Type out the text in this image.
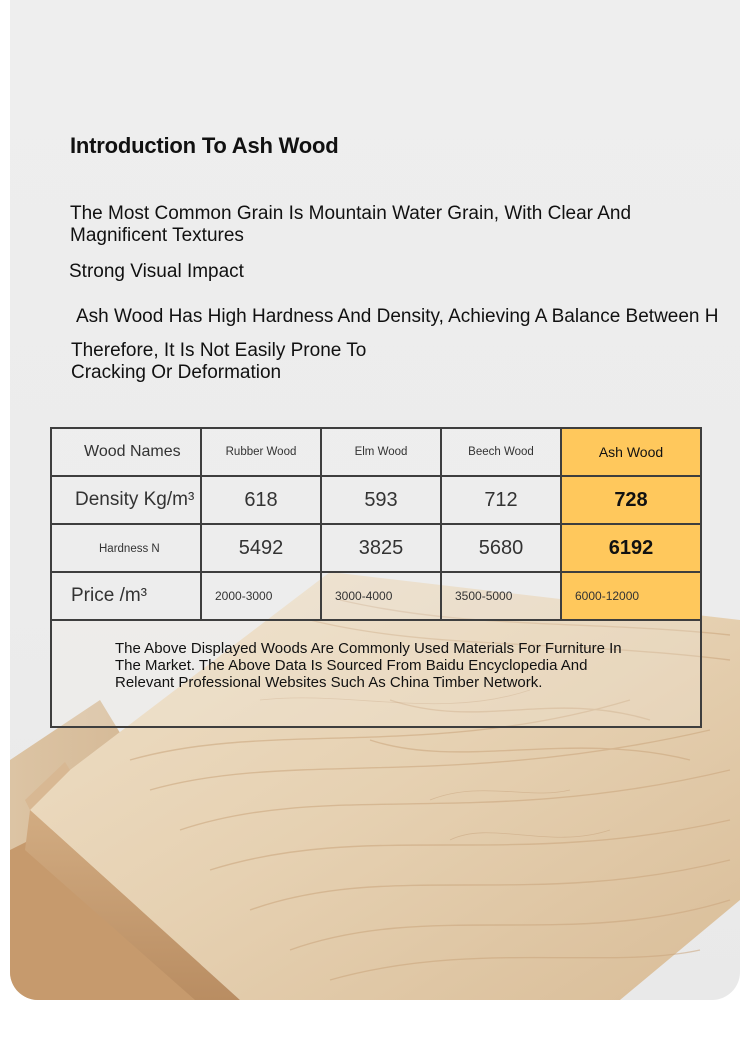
Introduction To Ash Wood

The Most Common Grain Is Mountain Water Grain, With Clear And Magnificent Textures

Strong Visual Impact

Ash Wood Has High Hardness And Density, Achieving A Balance Between H

Therefore, It Is Not Easily Prone To Cracking Or Deformation

Wood Names	Rubber Wood	Elm Wood	Beech Wood	Ash Wood
Density Kg/m³	618	593	712	728
Hardness N	5492	3825	5680	6192
Price /m³	2000-3000	3000-4000	3500-5000	6000-12000
The Above Displayed Woods Are Commonly Used Materials For Furniture In The Market. The Above Data Is Sourced From Baidu Encyclopedia And Relevant Professional Websites Such As China Timber Network.				
